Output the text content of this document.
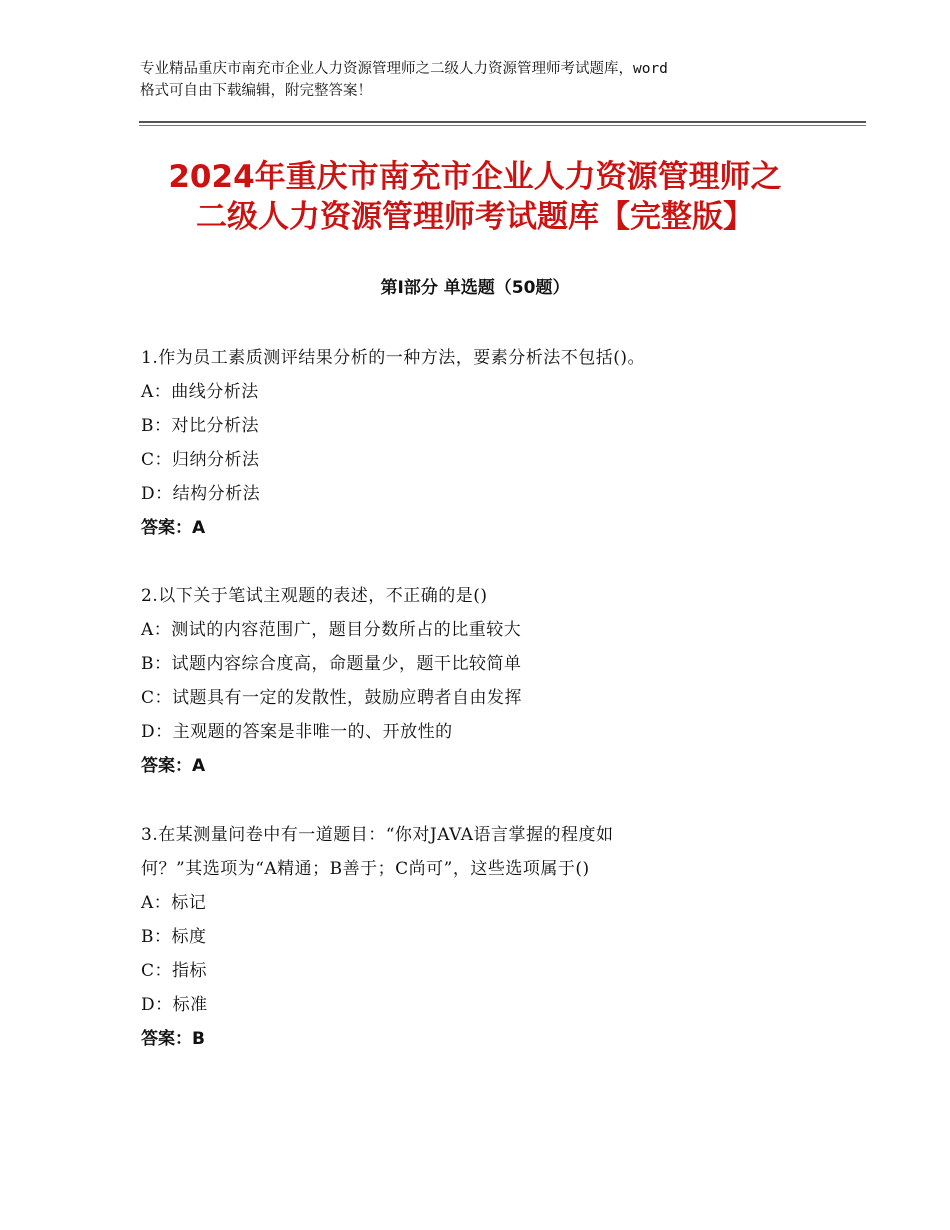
专业精品重庆市南充市企业人力资源管理师之二级人力资源管理师考试题库，word
格式可自由下载编辑，附完整答案！
2024年重庆市南充市企业人力资源管理师之
二级人力资源管理师考试题库【完整版】
第Ⅰ部分 单选题（50题）
1.作为员工素质测评结果分析的一种方法，要素分析法不包括()。
A：曲线分析法
B：对比分析法
C：归纳分析法
D：结构分析法
答案：A
2.以下关于笔试主观题的表述，不正确的是()
A：测试的内容范围广，题目分数所占的比重较大
B：试题内容综合度高，命题量少，题干比较简单
C：试题具有一定的发散性，鼓励应聘者自由发挥
D：主观题的答案是非唯一的、开放性的
答案：A
3.在某测量问卷中有一道题目：“你对JAVA语言掌握的程度如
何？”其选项为“A精通；B善于；C尚可”，这些选项属于()
A：标记
B：标度
C：指标
D：标准
答案：B
